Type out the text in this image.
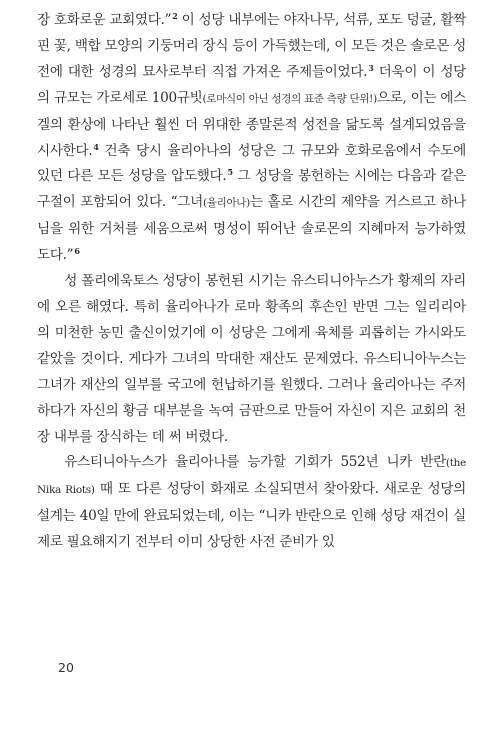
장 호화로운 교회였다.”$^2$ 이 성당 내부에는 야자나무, 석류, 포도 덩굴, 활짝 핀 꽃, 백합 모양의 기둥머리 장식 등이 가득했는데, 이 모든 것은 솔로몬 성전에 대한 성경의 묘사로부터 직접 가져온 주제들이었다.$^3$ 더욱이 이 성당의 규모는 가로세로 100규빗(로마식이 아닌 성경의 표준 측량 단위!)으로, 이는 에스겔의 환상에 나타난 훨씬 더 위대한 종말론적 성전을 닮도록 설계되었음을 시사한다.$^4$ 건축 당시 율리아나의 성당은 그 규모와 호화로움에서 수도에 있던 다른 모든 성당을 압도했다.$^5$ 그 성당을 봉헌하는 시에는 다음과 같은 구절이 포함되어 있다. “그녀(율리아나)는 홀로 시간의 제약을 거스르고 하나님을 위한 거처를 세움으로써 명성이 뛰어난 솔로몬의 지혜마저 능가하였도다.”$^6$

성 폴리에욱토스 성당이 봉헌된 시기는 유스티니아누스가 황제의 자리에 오른 해였다. 특히 율리아나가 로마 황족의 후손인 반면 그는 일리리아의 미천한 농민 출신이었기에 이 성당은 그에게 육체를 괴롭히는 가시와도 같았을 것이다. 게다가 그녀의 막대한 재산도 문제였다. 유스티니아누스는 그녀가 재산의 일부를 국고에 헌납하기를 원했다. 그러나 율리아나는 주저하다가 자신의 황금 대부분을 녹여 금판으로 만들어 자신이 지은 교회의 천장 내부를 장식하는 데 써 버렸다.

유스티니아누스가 율리아나를 능가할 기회가 552년 니카 반란(the Nika Riots) 때 또 다른 성당이 화재로 소실되면서 찾아왔다. 새로운 성당의 설계는 40일 만에 완료되었는데, 이는 “니카 반란으로 인해 성당 재건이 실제로 필요해지기 전부터 이미 상당한 사전 준비가 있

20
